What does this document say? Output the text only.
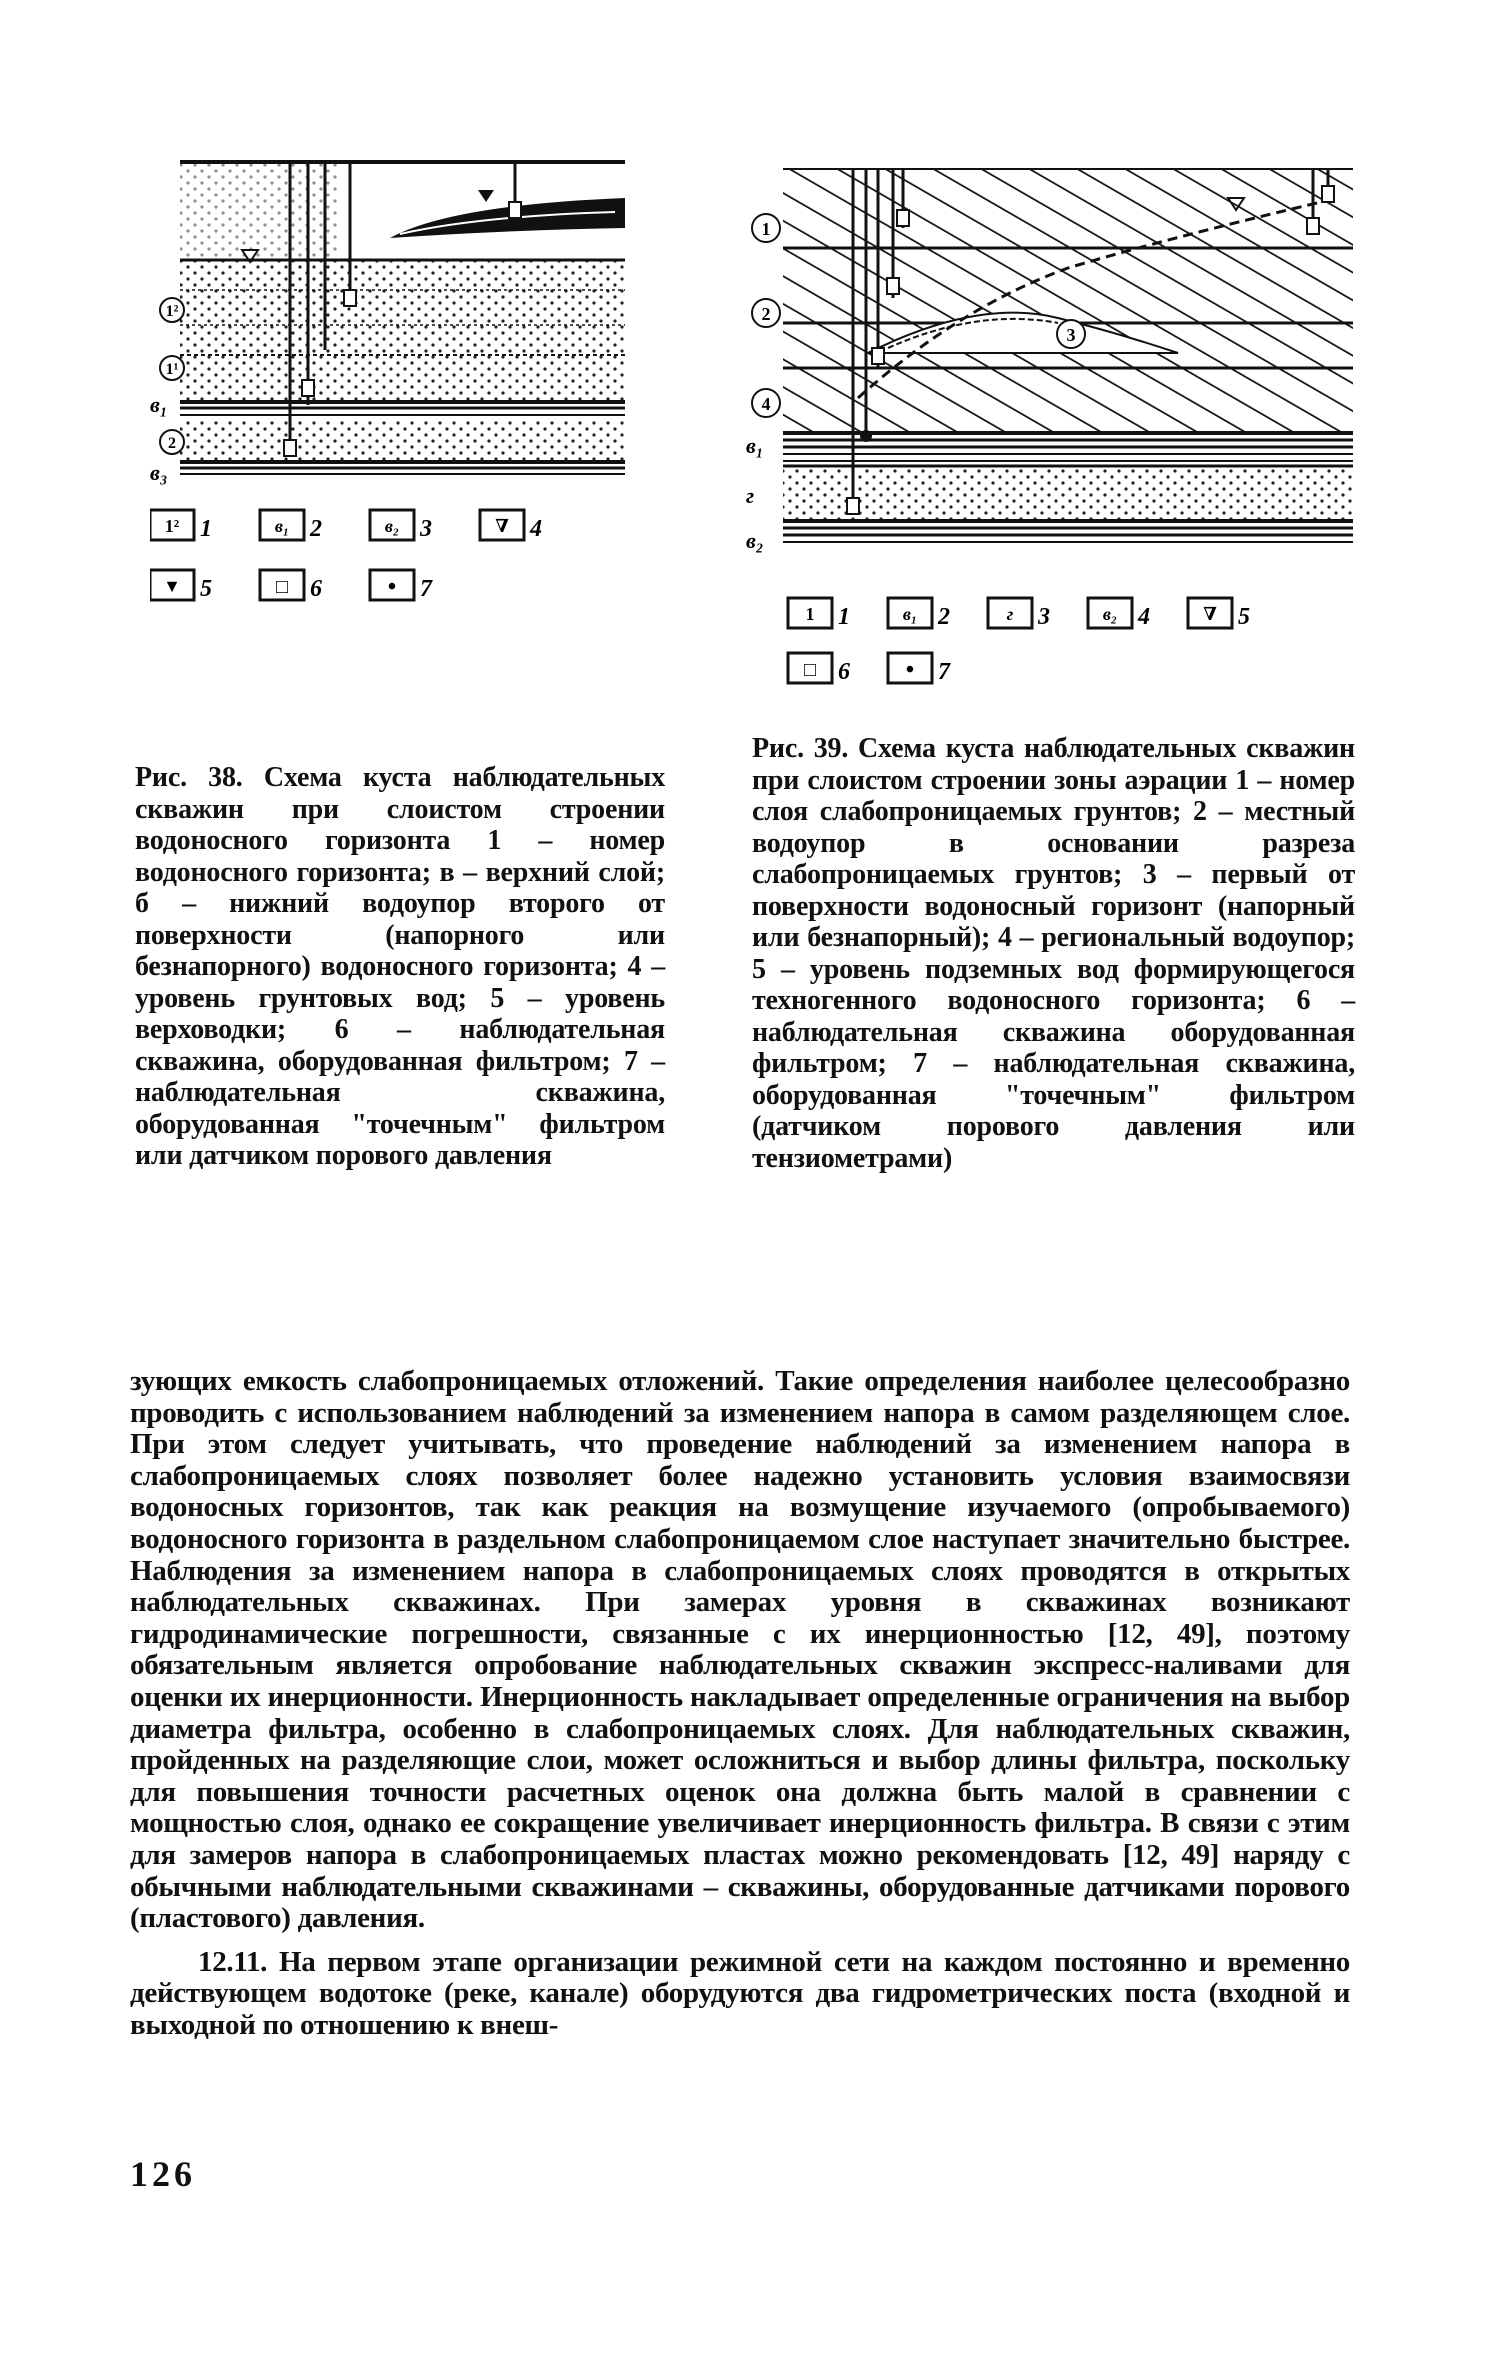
1²
1¹
в₁
2
в₃
1² 1	в₁ 2	в₂ 3	∇ 4
▼ 5	□ 6	• 7
1
2
3
4
в₁
г
в₂
1 1	в₁ 2	г 3	в₂ 4	∇ 5
□ 6 • 7
Рис. 38. Схема куста наблюдательных скважин при слоистом строении водоносного горизонта 1 – номер водоносного горизонта; в – верхний слой; б – нижний водоупор второго от поверхности (напорного или безнапорного) водоносного горизонта; 4 – уровень грунтовых вод; 5 – уровень верховодки; 6 – наблюдательная скважина, оборудованная фильтром; 7 – наблюдательная скважина, оборудованная "точечным" фильтром или датчиком порового давления
Рис. 39. Схема куста наблюдательных скважин при слоистом строении зоны аэрации 1 – номер слоя слабопроницаемых грунтов; 2 – местный водоупор в основании разреза слабопроницаемых грунтов; 3 – первый от поверхности водоносный горизонт (напорный или безнапорный); 4 – региональный водоупор; 5 – уровень подземных вод формирующегося техногенного водоносного горизонта; 6 – наблюдательная скважина оборудованная фильтром; 7 – наблюдательная скважина, оборудованная "точечным" фильтром (датчиком порового давления или тензиометрами)

зующих емкость слабопроницаемых отложений. Такие определения наиболее целесообразно проводить с использованием наблюдений за изменением напора в самом разделяющем слое. При этом следует учитывать, что проведение наблюдений за изменением напора в слабопроницаемых слоях позволяет более надежно установить условия взаимосвязи водоносных горизонтов, так как реакция на возмущение изучаемого (опробываемого) водоносного горизонта в раздельном слабопроницаемом слое наступает значительно быстрее. Наблюдения за изменением напора в слабопроницаемых слоях проводятся в открытых наблюдательных скважинах. При замерах уровня в скважинах возникают гидродинамические погрешности, связанные с их инерционностью [12, 49], поэтому обязательным является опробование наблюдательных скважин экспресс-наливами для оценки их инерционности. Инерционность накладывает определенные ограничения на выбор диаметра фильтра, особенно в слабопроницаемых слоях. Для наблюдательных скважин, пройденных на разделяющие слои, может осложниться и выбор длины фильтра, поскольку для повышения точности расчетных оценок она должна быть малой в сравнении с мощностью слоя, однако ее сокращение увеличивает инерционность фильтра. В связи с этим для замеров напора в слабопроницаемых пластах можно рекомендовать [12, 49] наряду с обычными наблюдательными скважинами – скважины, оборудованные датчиками порового (пластового) давления.

12.11. На первом этапе организации режимной сети на каждом постоянно и временно действующем водотоке (реке, канале) оборудуются два гидрометрических поста (входной и выходной по отношению к внеш-

126
